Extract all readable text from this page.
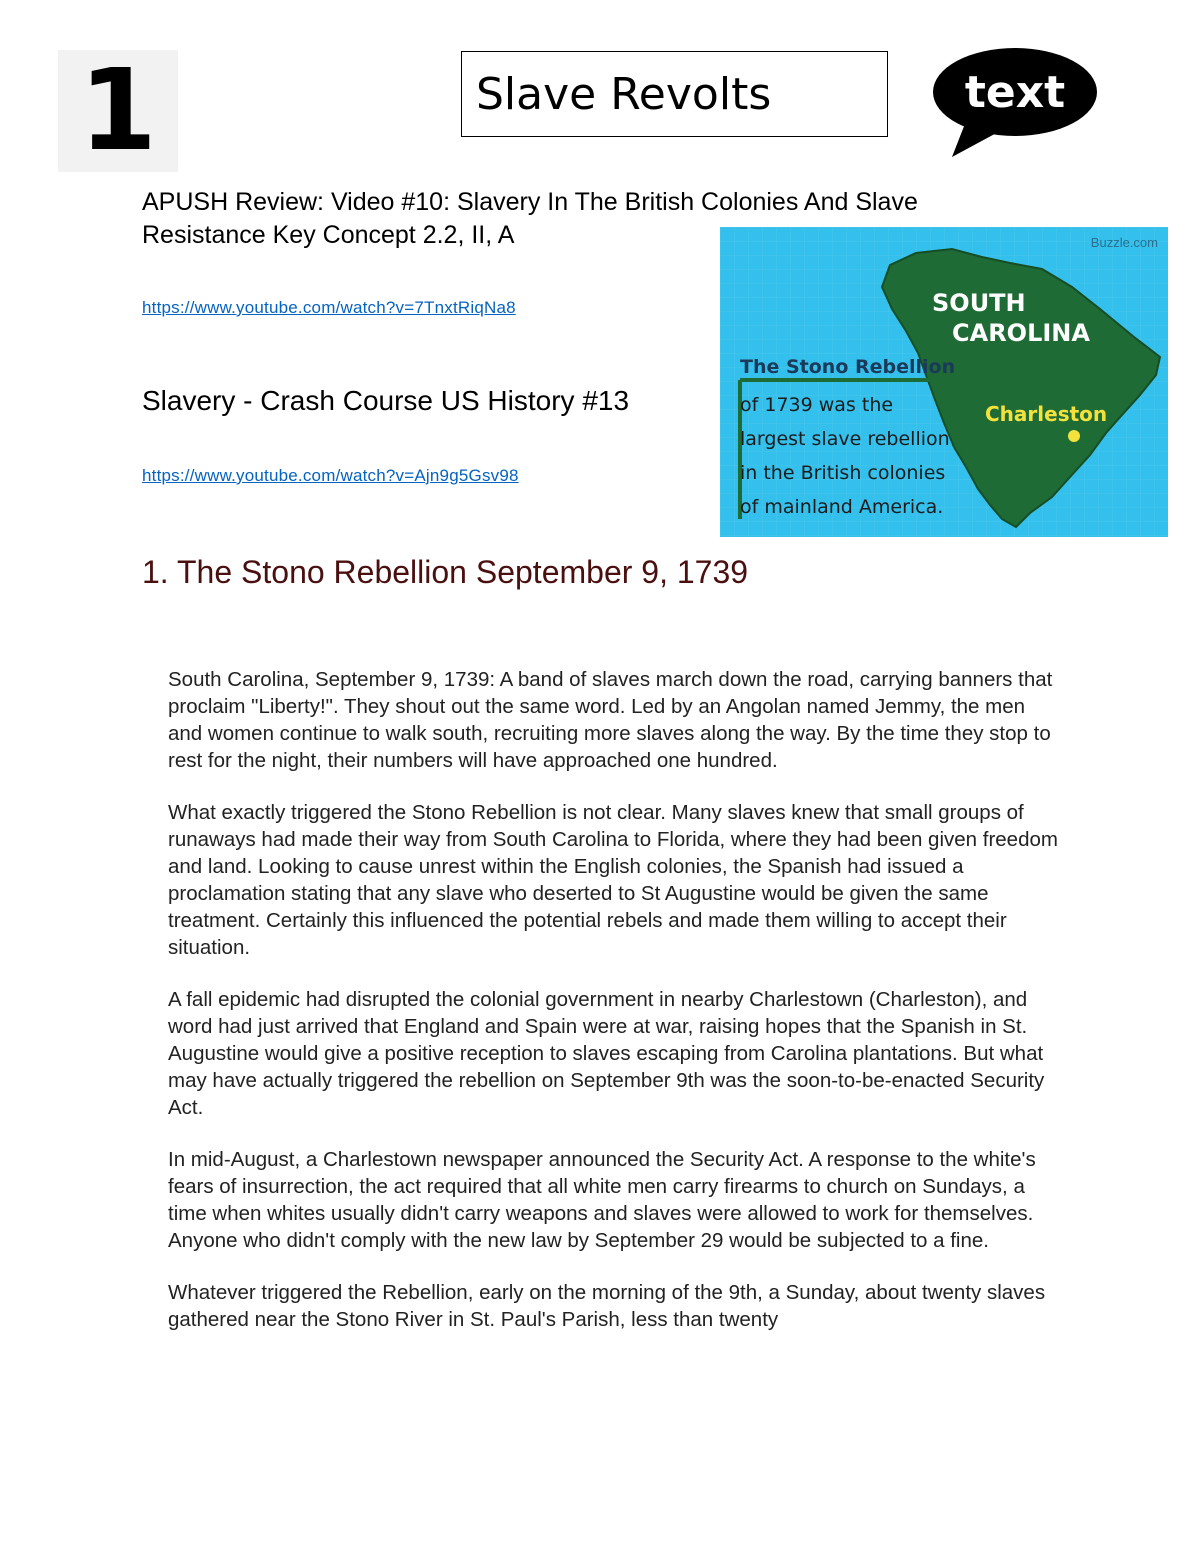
1	Slave Revolts	text
APUSH Review: Video #10: Slavery In The British Colonies And Slave Resistance Key Concept 2.2, II, A
https://www.youtube.com/watch?v=7TnxtRiqNa8
Slavery - Crash Course US History #13
https://www.youtube.com/watch?v=Ajn9g5Gsv98
Buzzle.com
SOUTH
CAROLINA
Charleston
The Stono Rebellion
of 1739 was the
largest slave rebellion
in the British colonies
of mainland America.
1. The Stono Rebellion September 9, 1739

South Carolina, September 9, 1739: A band of slaves march down the road, carrying banners that proclaim "Liberty!". They shout out the same word. Led by an Angolan named Jemmy, the men and women continue to walk south, recruiting more slaves along the way. By the time they stop to rest for the night, their numbers will have approached one hundred.

What exactly triggered the Stono Rebellion is not clear. Many slaves knew that small groups of runaways had made their way from South Carolina to Florida, where they had been given freedom and land. Looking to cause unrest within the English colonies, the Spanish had issued a proclamation stating that any slave who deserted to St Augustine would be given the same treatment. Certainly this influenced the potential rebels and made them willing to accept their situation.

A fall epidemic had disrupted the colonial government in nearby Charlestown (Charleston), and word had just arrived that England and Spain were at war, raising hopes that the Spanish in St. Augustine would give a positive reception to slaves escaping from Carolina plantations. But what may have actually triggered the rebellion on September 9th was the soon-to-be-enacted Security Act.

In mid-August, a Charlestown newspaper announced the Security Act. A response to the white's fears of insurrection, the act required that all white men carry firearms to church on Sundays, a time when whites usually didn't carry weapons and slaves were allowed to work for themselves. Anyone who didn't comply with the new law by September 29 would be subjected to a fine.

Whatever triggered the Rebellion, early on the morning of the 9th, a Sunday, about twenty slaves gathered near the Stono River in St. Paul's Parish, less than twenty
